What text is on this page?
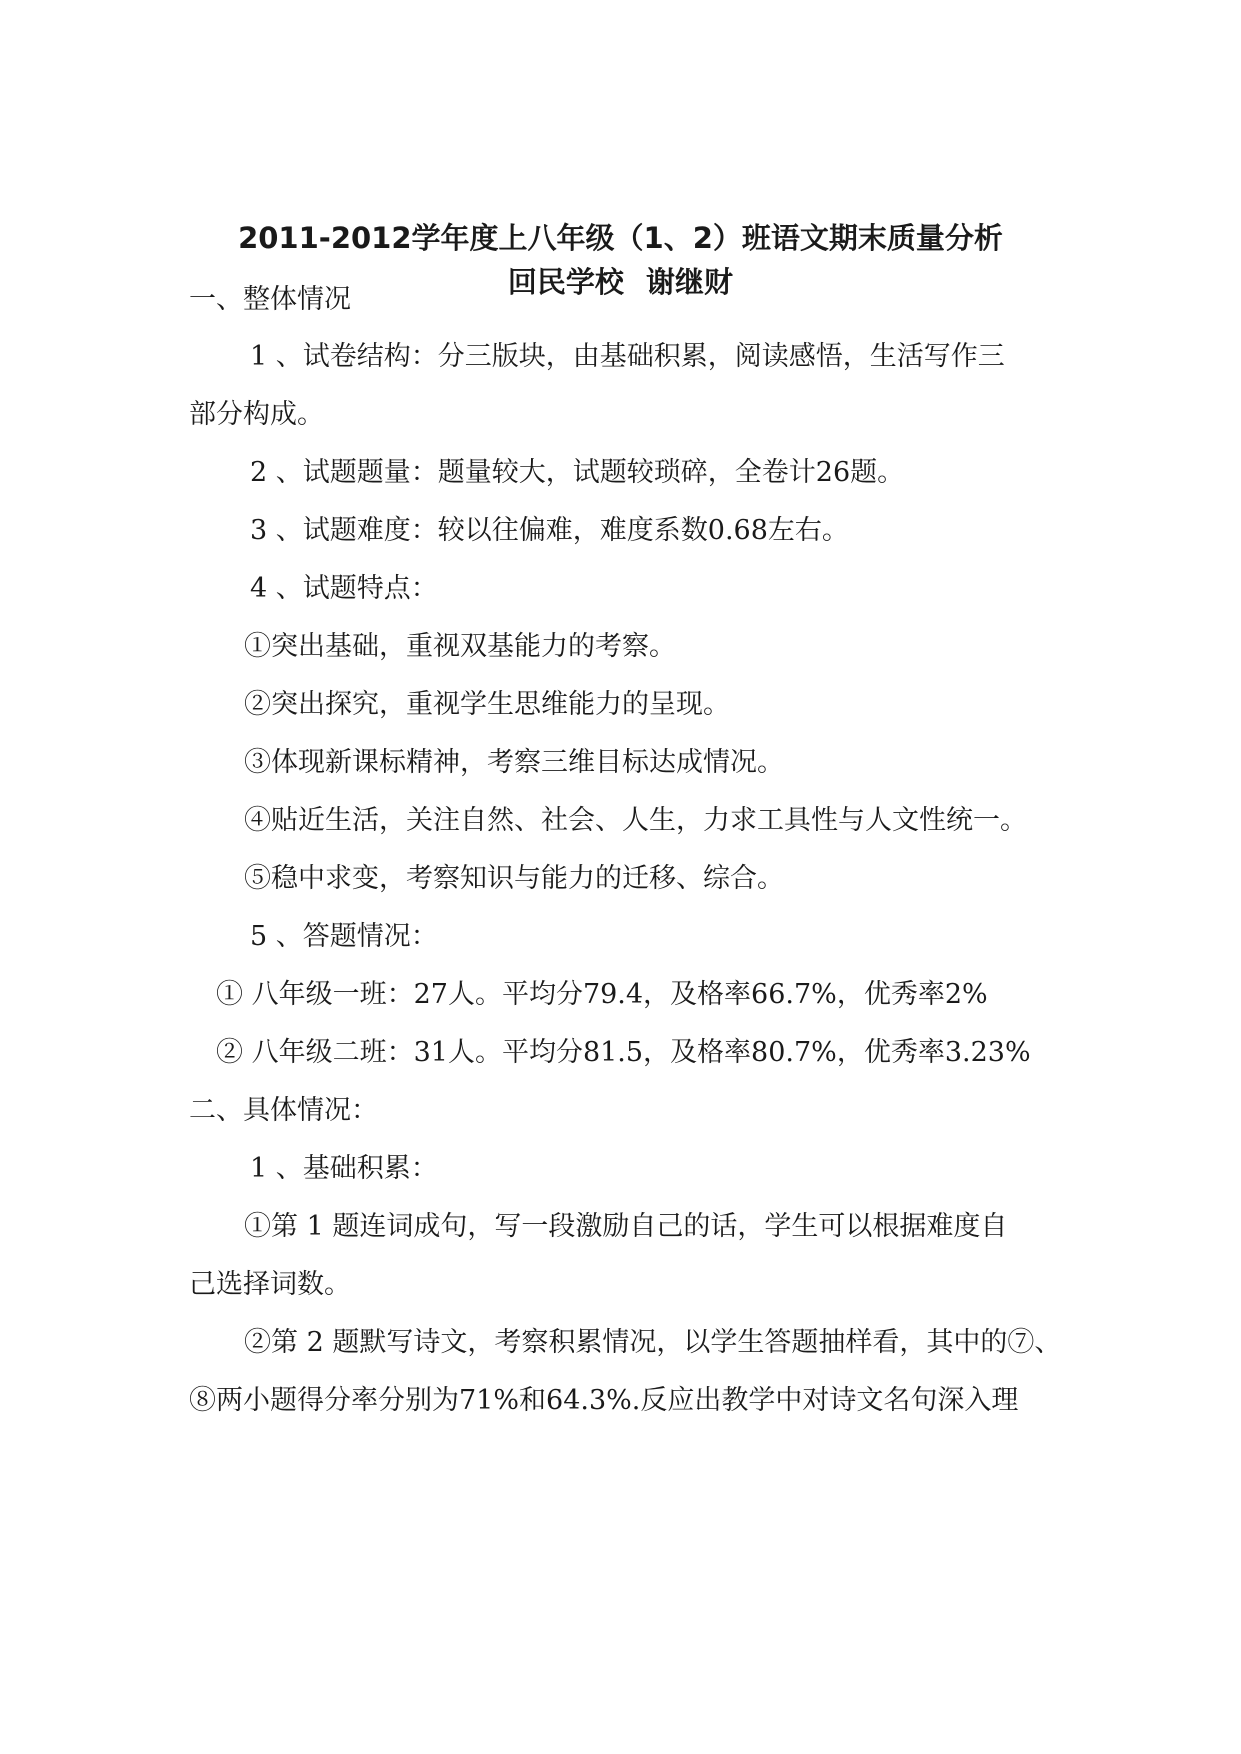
2011-2012学年度上八年级（1、2）班语文期末质量分析
回民学校 谢继财
一、整体情况
1 、试卷结构：分三版块，由基础积累，阅读感悟，生活写作三
部分构成。
2 、试题题量：题量较大，试题较琐碎，全卷计26题。
3 、试题难度：较以往偏难，难度系数0.68左右。
4 、试题特点：
①突出基础，重视双基能力的考察。
②突出探究，重视学生思维能力的呈现。
③体现新课标精神，考察三维目标达成情况。
④贴近生活，关注自然、社会、人生，力求工具性与人文性统一。
⑤稳中求变，考察知识与能力的迁移、综合。
5 、答题情况：
① 八年级一班：27人。平均分79.4，及格率66.7%，优秀率2%
② 八年级二班：31人。平均分81.5，及格率80.7%，优秀率3.23%
二、具体情况：
1 、基础积累：
①第 1 题连词成句，写一段激励自己的话，学生可以根据难度自
己选择词数。
②第 2 题默写诗文，考察积累情况，以学生答题抽样看，其中的⑦、
⑧两小题得分率分别为71%和64.3%.反应出教学中对诗文名句深入理
